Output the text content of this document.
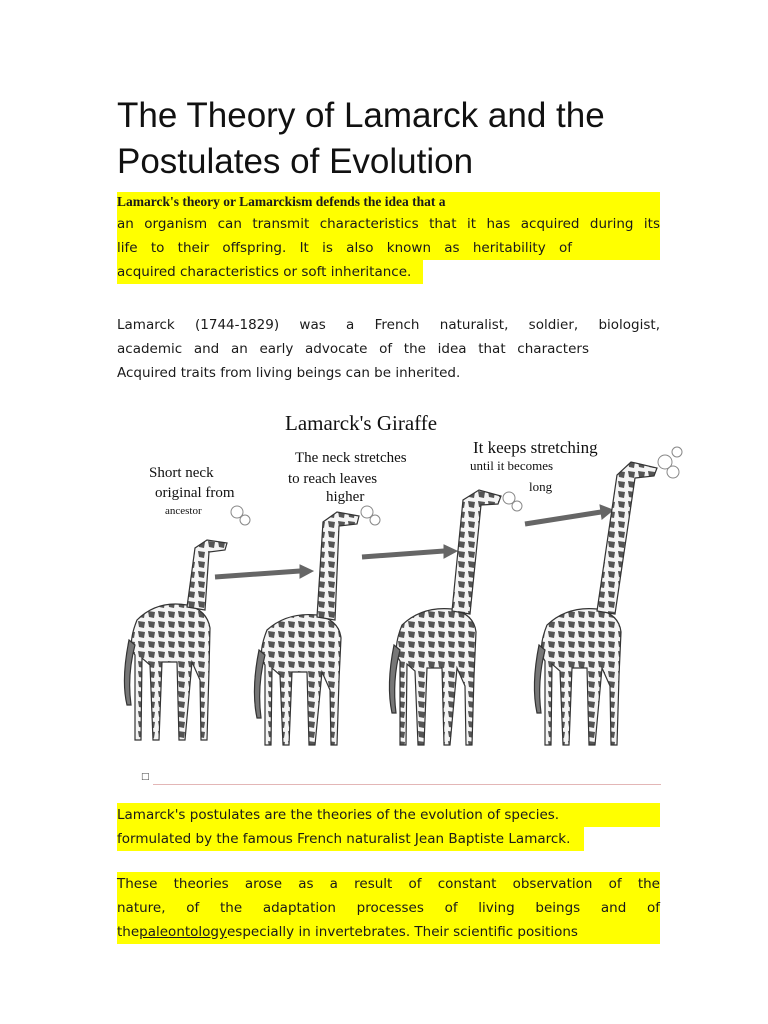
The Theory of Lamarck and the Postulates of Evolution
Lamarck's theory or Lamarckism defends the idea that a

an organism can transmit characteristics that it has acquired during its
life to their offspring. It is also known as heritability of

acquired characteristics or soft inheritance.

Lamarck (1744-1829) was a French naturalist, soldier, biologist,
academic and an early advocate of the idea that characters
Acquired traits from living beings can be inherited.

Lamarck's Giraffe
Short neck
original from
ancestor
The neck stretches
to reach leaves
higher
It keeps stretching
until it becomes
long
□

Lamarck's postulates are the theories of the evolution of species.
formulated by the famous French naturalist Jean Baptiste Lamarck.

These theories arose as a result of constant observation of the
nature, of the adaptation processes of living beings and of
thepaleontologyespecially in invertebrates. Their scientific positions
